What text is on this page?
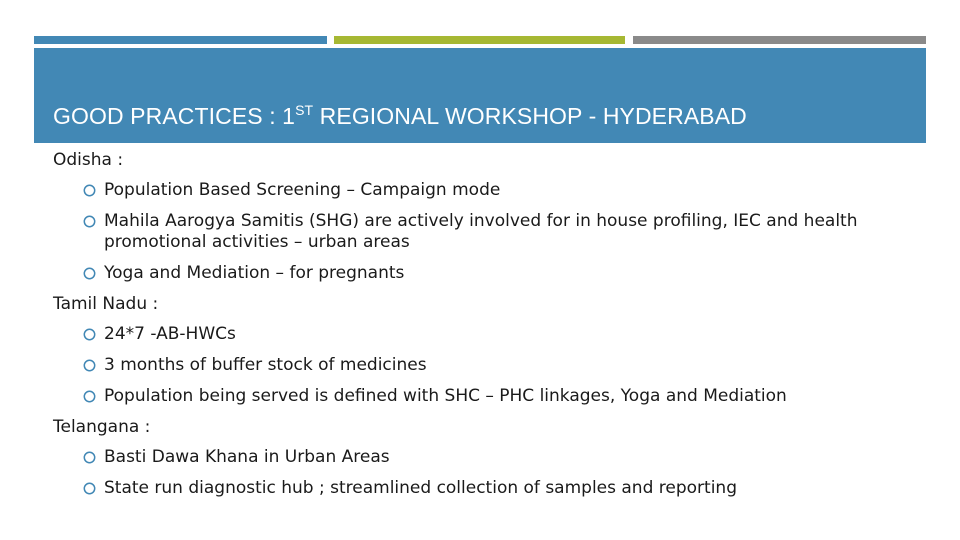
GOOD PRACTICES : 1ST REGIONAL WORKSHOP - HYDERABAD
Odisha :
Population Based Screening – Campaign mode
Mahila Aarogya Samitis (SHG) are actively involved for in house profiling, IEC and health promotional activities – urban areas
Yoga and Mediation – for pregnants
Tamil Nadu :
24*7 -AB-HWCs
3 months of buffer stock of medicines
Population being served is defined with SHC – PHC linkages, Yoga and Mediation
Telangana :
Basti Dawa Khana in Urban Areas
State run diagnostic hub ; streamlined collection of samples and reporting
